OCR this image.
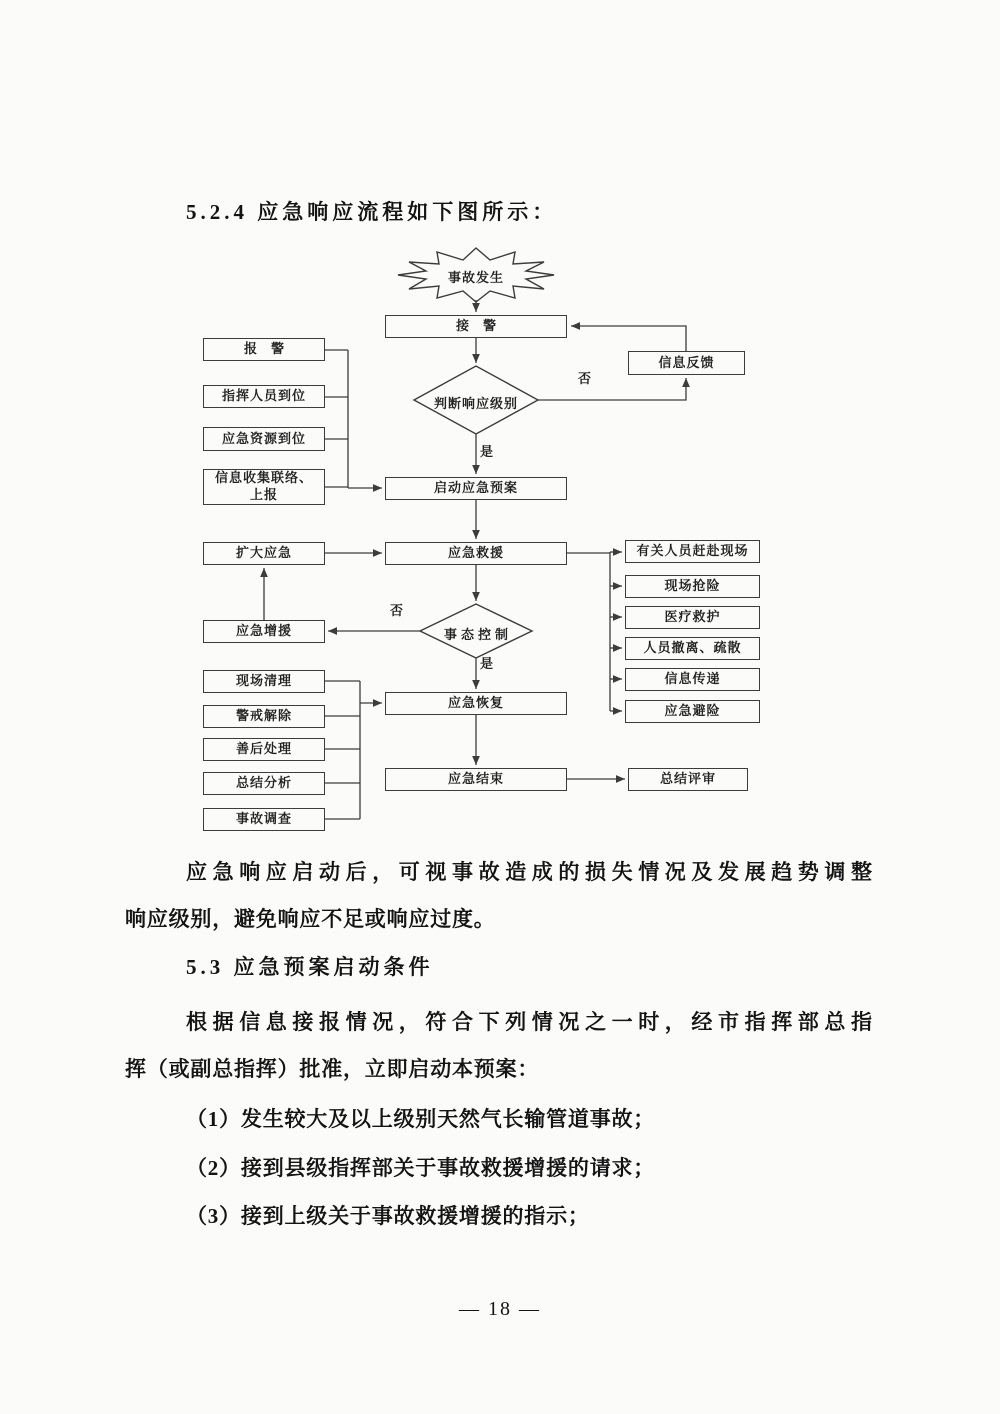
5.2.4 应急响应流程如下图所示：
事故发生
接警
信息反馈
判断响应级别
否
是
报警
指挥人员到位
应急资源到位
信息收集联络、上报	启动应急预案
扩大应急	应急救援	有关人员赶赴现场
现场抢险
医疗救护
人员撤离、疏散
信息传递
应急避险
事态控制
否
是
应急增援
现场清理
警戒解除
善后处理
总结分析
事故调查
应急恢复
应急结束	总结评审
应急响应启动后，可视事故造成的损失情况及发展趋势调整
响应级别，避免响应不足或响应过度。
5.3 应急预案启动条件
根据信息接报情况，符合下列情况之一时，经市指挥部总指
挥（或副总指挥）批准，立即启动本预案：
（1）发生较大及以上级别天然气长输管道事故；
（2）接到县级指挥部关于事故救援增援的请求；
（3）接到上级关于事故救援增援的指示；
— 18 —
